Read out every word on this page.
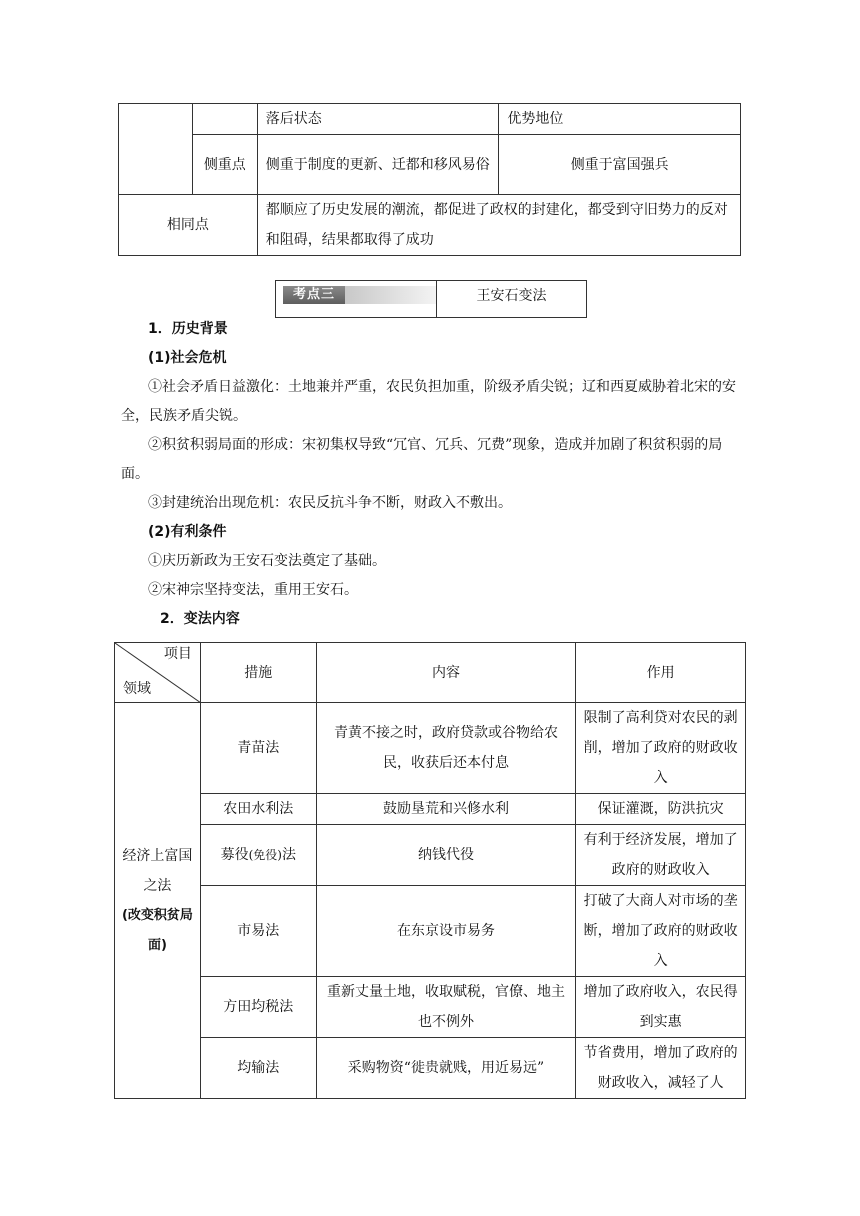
		落后状态	优势地位
	侧重点	侧重于制度的更新、迁都和移风易俗	侧重于富国强兵
相同点		都顺应了历史发展的潮流，都促进了政权的封建化，都受到守旧势力的反对和阻碍，结果都取得了成功	
考点三	王安石变法
1．历史背景
(1)社会危机
①社会矛盾日益激化：土地兼并严重，农民负担加重，阶级矛盾尖锐；辽和西夏威胁着北宋的安全，民族矛盾尖锐。
②积贫积弱局面的形成：宋初集权导致“冗官、冗兵、冗费”现象，造成并加剧了积贫积弱的局面。
③封建统治出现危机：农民反抗斗争不断，财政入不敷出。
(2)有利条件
①庆历新政为王安石变法奠定了基础。
②宋神宗坚持变法，重用王安石。
2．变法内容
项目
领域	措施	内容	作用

经济上富国之法
(改变积贫局面)	青苗法	青黄不接之时，政府贷款或谷物给农民，收获后还本付息	限制了高利贷对农民的剥削，增加了政府的财政收入
	农田水利法	鼓励垦荒和兴修水利	保证灌溉，防洪抗灾
	募役(免役)法	纳钱代役	有利于经济发展，增加了政府的财政收入
	市易法	在东京设市易务	打破了大商人对市场的垄断，增加了政府的财政收入
	方田均税法	重新丈量土地，收取赋税，官僚、地主也不例外	增加了政府收入，农民得到实惠
	均输法	采购物资“徙贵就贱，用近易远”	节省费用，增加了政府的财政收入，减轻了人
